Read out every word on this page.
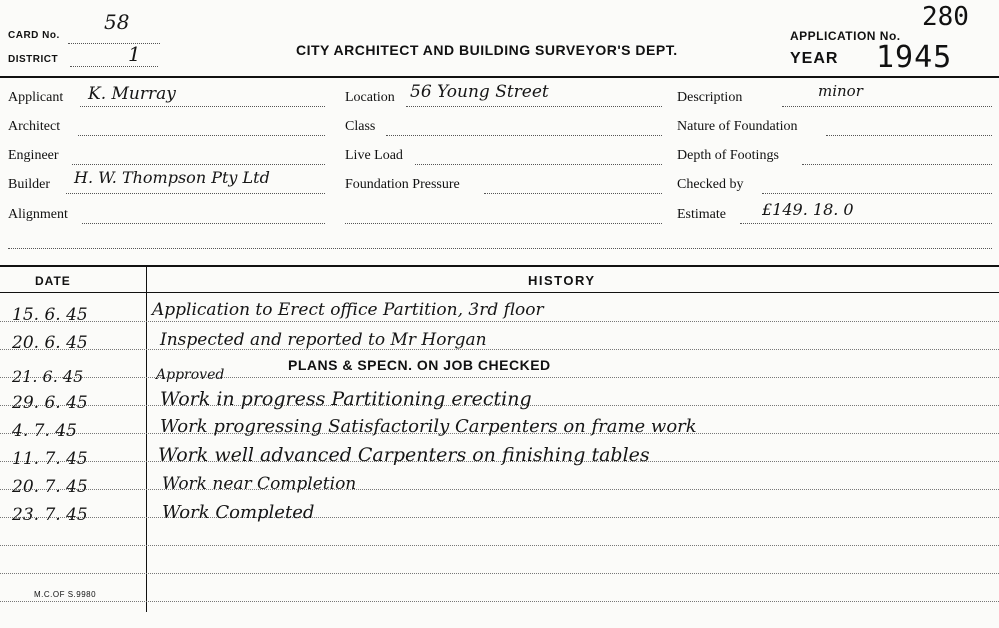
CARD No.
58
DISTRICT	1	CITY ARCHITECT AND BUILDING SURVEYOR'S DEPT.
APPLICATION No.
280
YEAR 1945
Applicant K. Murray
Architect
Engineer
Builder H. W. Thompson Pty Ltd
Alignment
Location 56 Young Street
Class
Live Load
Foundation Pressure
Description	minor
Nature of Foundation
Depth of Footings
Checked by
Estimate £149. 18. 0
DATE	HISTORY
15. 6. 45	Application to Erect office Partition, 3rd floor
20. 6. 45	Inspected and reported to Mr Horgan
PLANS & SPECN. ON JOB CHECKED
21. 6. 45	Approved
29. 6. 45	Work in progress Partitioning erecting
4. 7. 45	Work progressing Satisfactorily Carpenters on frame work
11. 7. 45	Work well advanced Carpenters on finishing tables
20. 7. 45	Work near Completion
23. 7. 45	Work Completed
M.C.OF S.9980
